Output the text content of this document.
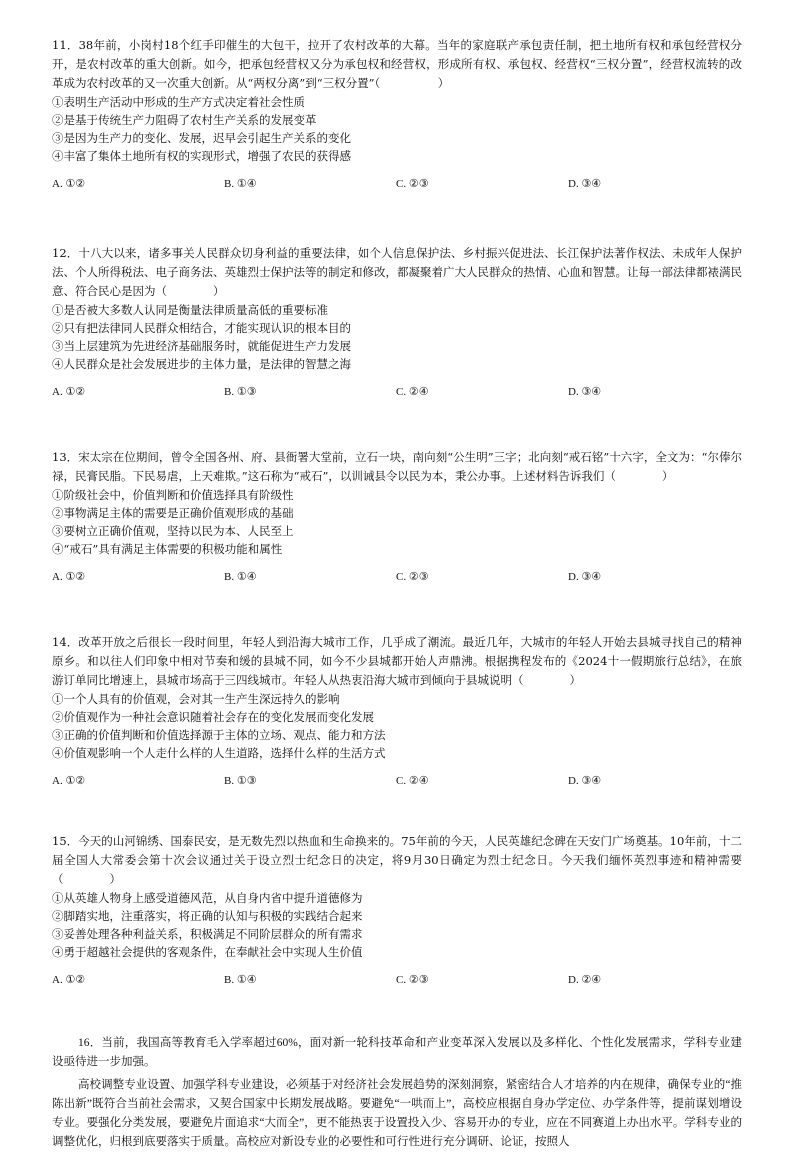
11．38年前，小岗村18个红手印催生的大包干，拉开了农村改革的大幕。当年的家庭联产承包责任制，把土地所有权和承包经营权分开，是农村改革的重大创新。如今，把承包经营权又分为承包权和经营权，形成所有权、承包权、经营权“三权分置”，经营权流转的改革成为农村改革的又一次重大创新。从“两权分离”到“三权分置”（　　　　　）
①表明生产活动中形成的生产方式决定着社会性质
②是基于传统生产力阻碍了农村生产关系的发展变革
③是因为生产力的变化、发展，迟早会引起生产关系的变化
④丰富了集体土地所有权的实现形式，增强了农民的获得感
A. ①②	B. ①④	C. ②③	D. ③④
12．十八大以来，诸多事关人民群众切身利益的重要法律，如个人信息保护法、乡村振兴促进法、长江保护法著作权法、未成年人保护法、个人所得税法、电子商务法、英雄烈士保护法等的制定和修改，都凝聚着广大人民群众的热情、心血和智慧。让每一部法律都裱满民意、符合民心是因为（　　　　）
①是否被大多数人认同是衡量法律质量高低的重要标准
②只有把法律同人民群众相结合，才能实现认识的根本目的
③当上层建筑为先进经济基础服务时，就能促进生产力发展
④人民群众是社会发展进步的主体力量，是法律的智慧之海
A. ①②	B. ①③	C. ②④	D. ③④
13．宋太宗在位期间，曾令全国各州、府、县衙署大堂前，立石一块，南向刻“公生明”三字；北向刻“戒石铭”十六字，全文为：“尔俸尔禄，民膏民脂。下民易虐，上天难欺。”这石称为“戒石”，以训诫县令以民为本，秉公办事。上述材料告诉我们（　　　　）
①阶级社会中，价值判断和价值选择具有阶级性
②事物满足主体的需要是正确价值观形成的基础
③要树立正确价值观，坚持以民为本、人民至上
④“戒石”具有满足主体需要的积极功能和属性
A. ①②	B. ①④	C. ②③	D. ③④
14．改革开放之后很长一段时间里，年轻人到沿海大城市工作，几乎成了潮流。最近几年，大城市的年轻人开始去县城寻找自己的精神原乡。和以往人们印象中相对节奏和缓的县城不同，如今不少县城都开始人声鼎沸。根据携程发布的《2024十一假期旅行总结》，在旅游订单同比增速上，县城市场高于三四线城市。年轻人从热衷沿海大城市到倾向于县城说明（　　　　）
①一个人具有的价值观，会对其一生产生深远持久的影响
②价值观作为一种社会意识随着社会存在的变化发展而变化发展
③正确的价值判断和价值选择源于主体的立场、观点、能力和方法
④价值观影响一个人走什么样的人生道路，选择什么样的生活方式
A. ①②	B. ①③	C. ②④	D. ③④
15．今天的山河锦绣、国泰民安，是无数先烈以热血和生命换来的。75年前的今天，人民英雄纪念碑在天安门广场奠基。10年前，十二届全国人大常委会第十次会议通过关于设立烈士纪念日的决定，将9月30日确定为烈士纪念日。今天我们缅怀英烈事迹和精神需要（　　　　）
①从英雄人物身上感受道德风范，从自身内省中提升道德修为
②脚踏实地，注重落实，将正确的认知与积极的实践结合起来
③妥善处理各种利益关系，积极满足不同阶层群众的所有需求
④勇于超越社会提供的客观条件，在奉献社会中实现人生价值
A. ①②	B. ①④	C. ②③	D. ②④
16．当前，我国高等教育毛入学率超过60%，面对新一轮科技革命和产业变革深入发展以及多样化、个性化发展需求，学科专业建设亟待进一步加强。
高校调整专业设置、加强学科专业建设，必须基于对经济社会发展趋势的深刻洞察，紧密结合人才培养的内在规律，确保专业的“推陈出新”既符合当前社会需求，又契合国家中长期发展战略。要避免“一哄而上”，高校应根据自身办学定位、办学条件等，提前谋划增设专业。要强化分类发展，要避免片面追求“大而全”，更不能热衷于设置投入少、容易开办的专业，应在不同赛道上办出水平。学科专业的调整优化，归根到底要落实于质量。高校应对新设专业的必要性和可行性进行充分调研、论证，按照人
